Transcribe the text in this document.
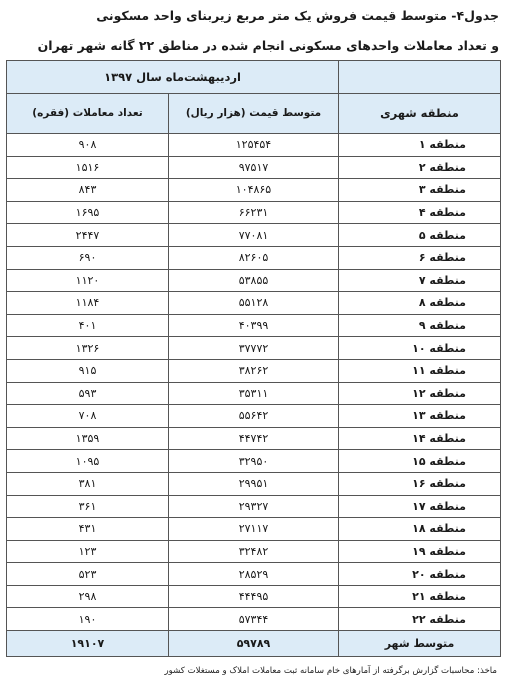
جدول۴- متوسط قیمت فروش یک متر مربع زیربنای واحد مسکونی
و تعداد معاملات واحدهای مسکونی انجام شده در مناطق ۲۲ گانه شهر تهران
	اردیبهشت‌ماه سال ۱۳۹۷	
منطقه شهری	متوسط قیمت (هزار ریال)	تعداد معاملات (فقره)
منطقه ۱	۱۲۵۴۵۴	۹۰۸
منطقه ۲	۹۷۵۱۷	۱۵۱۶
منطقه ۳	۱۰۴۸۶۵	۸۴۳
منطقه ۴	۶۶۲۳۱	۱۶۹۵
منطقه ۵	۷۷۰۸۱	۲۴۴۷
منطقه ۶	۸۲۶۰۵	۶۹۰
منطقه ۷	۵۳۸۵۵	۱۱۲۰
منطقه ۸	۵۵۱۲۸	۱۱۸۴
منطقه ۹	۴۰۳۹۹	۴۰۱
منطقه ۱۰	۳۷۷۷۲	۱۳۲۶
منطقه ۱۱	۳۸۲۶۲	۹۱۵
منطقه ۱۲	۳۵۳۱۱	۵۹۳
منطقه ۱۳	۵۵۶۴۲	۷۰۸
منطقه ۱۴	۴۴۷۴۲	۱۳۵۹
منطقه ۱۵	۳۲۹۵۰	۱۰۹۵
منطقه ۱۶	۲۹۹۵۱	۳۸۱
منطقه ۱۷	۲۹۳۲۷	۳۶۱
منطقه ۱۸	۲۷۱۱۷	۴۳۱
منطقه ۱۹	۳۲۴۸۲	۱۲۳
منطقه ۲۰	۲۸۵۲۹	۵۲۳
منطقه ۲۱	۴۴۴۹۵	۲۹۸
منطقه ۲۲	۵۷۳۴۴	۱۹۰
متوسط شهر	۵۹۷۸۹	۱۹۱۰۷
ماخذ: محاسبات گزارش برگرفته از آمارهای خام سامانه ثبت معاملات املاک و مستغلات کشور
